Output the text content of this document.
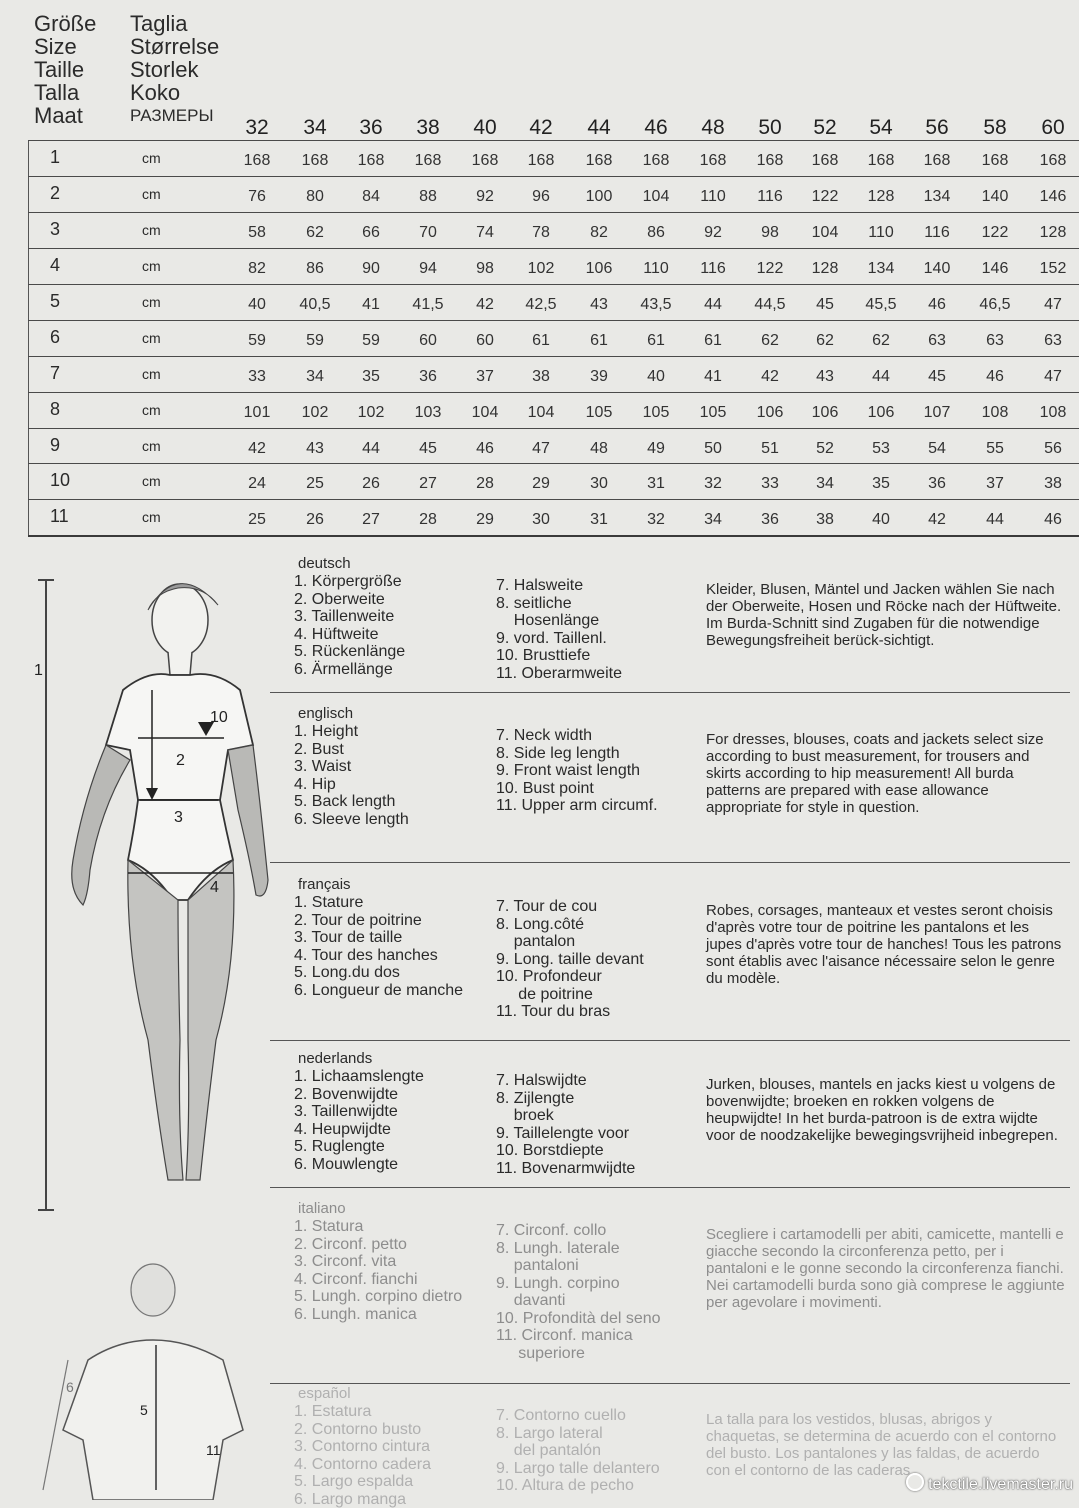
Größe
Size
Taille
Talla
Maat
Taglia
Størrelse
Storlek
Koko
РАЗМЕРЫ
32	34	36	38	40	42	44	46	48	50	52	54	56	58	60
1	cm	168	168	168	168	168	168	168	168	168	168	168	168	168	168	168
2	cm	76	80	84	88	92	96	100	104	110	116	122	128	134	140	146
3	cm	58	62	66	70	74	78	82	86	92	98	104	110	116	122	128
4	cm	82	86	90	94	98	102	106	110	116	122	128	134	140	146	152
5	cm	40	40,5	41	41,5	42	42,5	43	43,5	44	44,5	45	45,5	46	46,5	47
6	cm	59	59	59	60	60	61	61	61	61	62	62	62	63	63	63
7	cm	33	34	35	36	37	38	39	40	41	42	43	44	45	46	47
8	cm	101	102	102	103	104	104	105	105	105	106	106	106	107	108	108
9	cm	42	43	44	45	46	47	48	49	50	51	52	53	54	55	56
10	cm	24	25	26	27	28	29	30	31	32	33	34	35	36	37	38
11	cm	25	26	27	28	29	30	31	32	34	36	38	40	42	44	46
1
2
3
4
10
5
6
11
deutsch
1. Körpergröße
2. Oberweite
3. Taillenweite
4. Hüftweite
5. Rückenlänge
6. Ärmellänge
7. Halsweite
8. seitliche
Hosenlänge
9. vord. Taillenl.
10. Brusttiefe
11. Oberarmweite
Kleider, Blusen, Mäntel und Jacken wählen Sie nach der Oberweite, Hosen und Röcke nach der Hüftweite. Im Burda-Schnitt sind Zugaben für die notwendige Bewegungsfreiheit berück-sichtigt.
englisch
1. Height
2. Bust
3. Waist
4. Hip
5. Back length
6. Sleeve length
7. Neck width
8. Side leg length
9. Front waist length
10. Bust point
11. Upper arm circumf.
For dresses, blouses, coats and jackets select size according to bust measurement, for trousers and skirts according to hip measurement! All burda patterns are prepared with ease allowance appropriate for style in question.
français
1. Stature
2. Tour de poitrine
3. Tour de taille
4. Tour des hanches
5. Long.du dos
6. Longueur de manche
7. Tour de cou
8. Long.côté
pantalon
9. Long. taille devant
10. Profondeur
de poitrine
11. Tour du bras
Robes, corsages, manteaux et vestes seront choisis d'après votre tour de poitrine les pantalons et les jupes d'après votre tour de hanches! Tous les patrons sont établis avec l'aisance nécessaire selon le genre du modèle.
nederlands
1. Lichaamslengte
2. Bovenwijdte
3. Taillenwijdte
4. Heupwijdte
5. Ruglengte
6. Mouwlengte
7. Halswijdte
8. Zijlengte
broek
9. Taillelengte voor
10. Borstdiepte
11. Bovenarmwijdte
Jurken, blouses, mantels en jacks kiest u volgens de bovenwijdte; broeken en rokken volgens de heupwijdte! In het burda-patroon is de extra wijdte voor de noodzakelijke bewegingsvrijheid inbegrepen.
italiano
1. Statura
2. Circonf. petto
3. Circonf. vita
4. Circonf. fianchi
5. Lungh. corpino dietro
6. Lungh. manica
7. Circonf. collo
8. Lungh. laterale
pantaloni
9. Lungh. corpino
davanti
10. Profondità del seno
11. Circonf. manica
superiore
Scegliere i cartamodelli per abiti, camicette, mantelli e giacche secondo la circonferenza petto, per i pantaloni e le gonne secondo la circonferenza fianchi. Nei cartamodelli burda sono già comprese le aggiunte per agevolare i movimenti.
español
1. Estatura
2. Contorno busto
3. Contorno cintura
4. Contorno cadera
5. Largo espalda
6. Largo manga
7. Contorno cuello
8. Largo lateral
del pantalón
9. Largo talle delantero
10. Altura de pecho
La talla para los vestidos, blusas, abrigos y chaquetas, se determina de acuerdo con el contorno del busto. Los pantalones y las faldas, de acuerdo con el contorno de las caderas.
tekctile.livemaster.ru
